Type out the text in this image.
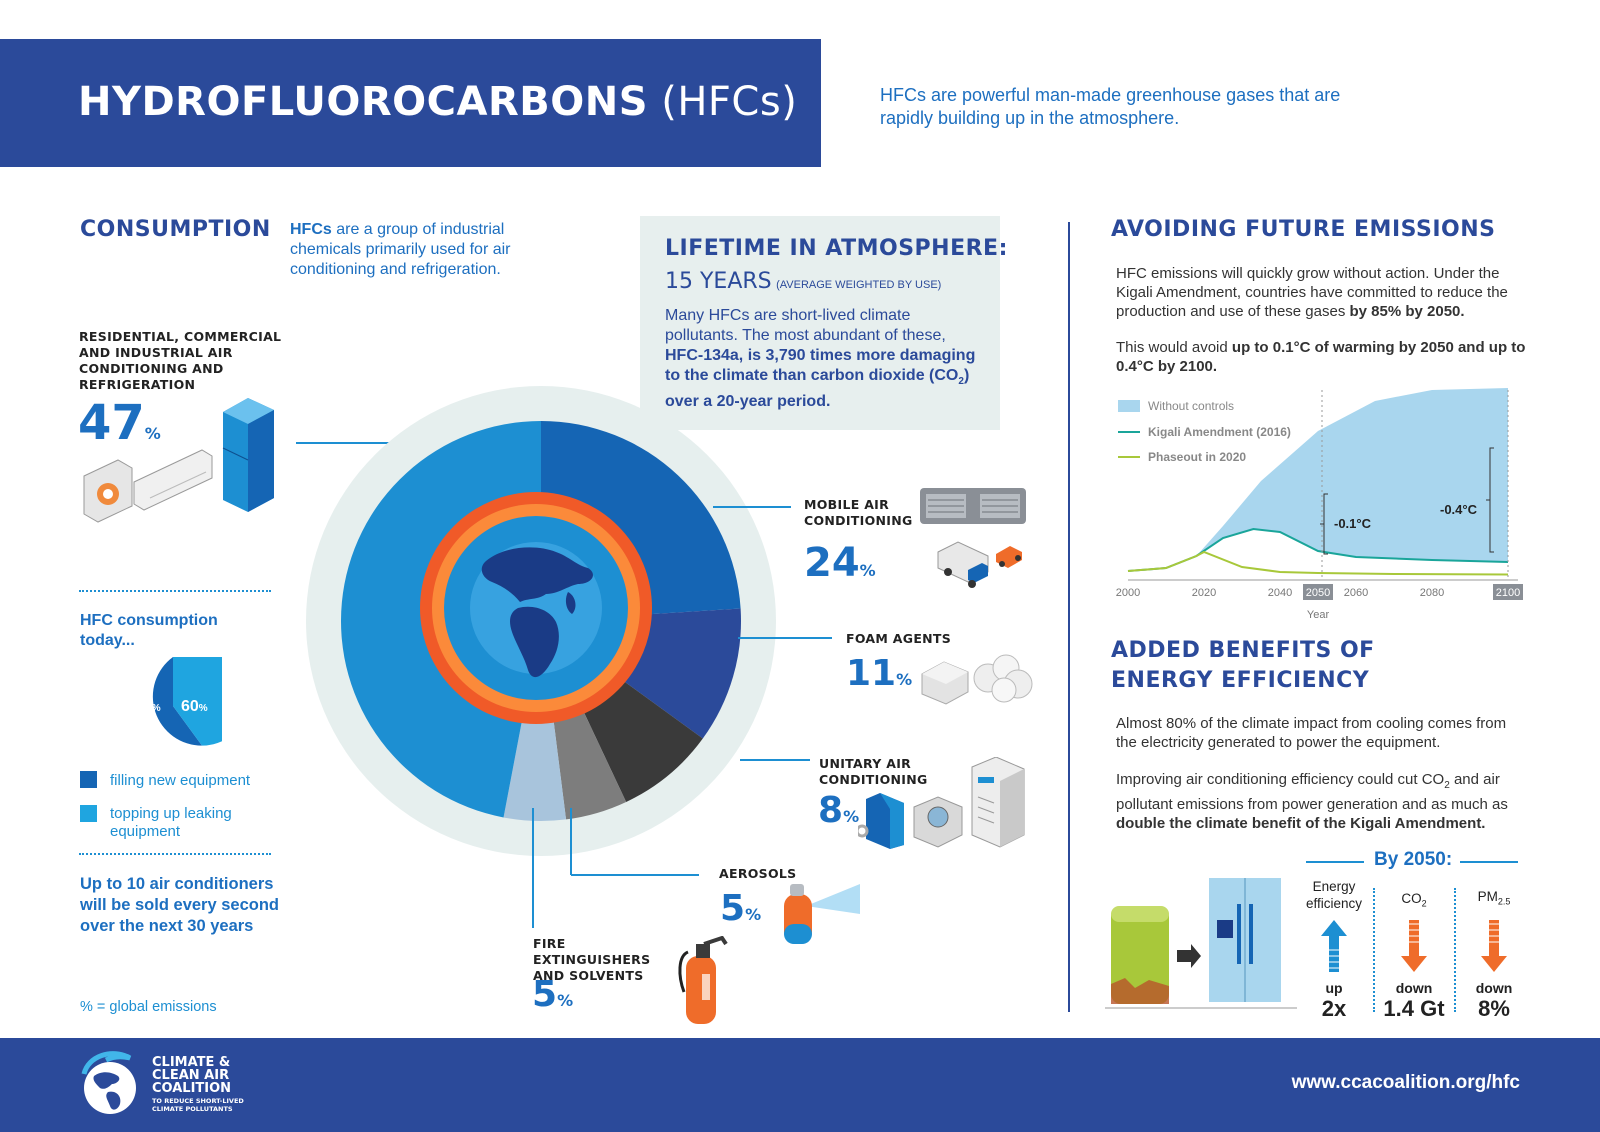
HYDROFLUOROCARBONS (HFCs)	HFCs are powerful man-made greenhouse gases that are rapidly building up in the atmosphere.
CONSUMPTION HFCs are a group of industrial chemicals primarily used for air conditioning and refrigeration.
RESIDENTIAL, COMMERCIAL AND INDUSTRIAL AIR CONDITIONING AND REFRIGERATION
47%
HFC consumption today...
40% 60%
filling new equipment
topping up leaking equipment
Up to 10 air conditioners will be sold every second over the next 30 years
% = global emissions
MOBILE AIR CONDITIONING
24%
FOAM AGENTS
11%
UNITARY AIR CONDITIONING
8%
AEROSOLS
5%
FIRE EXTINGUISHERS AND SOLVENTS
5%
LIFETIME IN ATMOSPHERE:
15 YEARS (AVERAGE WEIGHTED BY USE)
Many HFCs are short-lived climate pollutants. The most abundant of these, HFC-134a, is 3,790 times more damaging to the climate than carbon dioxide $(CO_2)$ over a 20-year period.
AVOIDING FUTURE EMISSIONS
HFC emissions will quickly grow without action. Under the Kigali Amendment, countries have committed to reduce the production and use of these gases by 85% by 2050.
This would avoid up to 0.1°C of warming by 2050 and up to 0.4°C by 2100.
-0.1°C
-0.4°C
2000	2020	2040 2050 2060	2080	2100
Year
Without controls
Kigali Amendment (2016)
Phaseout in 2020
ADDED BENEFITS OF
ENERGY EFFICIENCY
Almost 80% of the climate impact from cooling comes from the electricity generated to power the equipment.
Improving air conditioning efficiency could cut $CO_2$ and air pollutant emissions from power generation and as much as double the climate benefit of the Kigali Amendment.
By 2050:
Energy efficiency
up
2x
$CO_2$
down
1.4 Gt
$PM_{2.5}$
down
8%
CLIMATE &
CLEAN AIR
COALITION
TO REDUCE SHORT-LIVED
CLIMATE POLLUTANTS
www.ccacoalition.org/hfc
